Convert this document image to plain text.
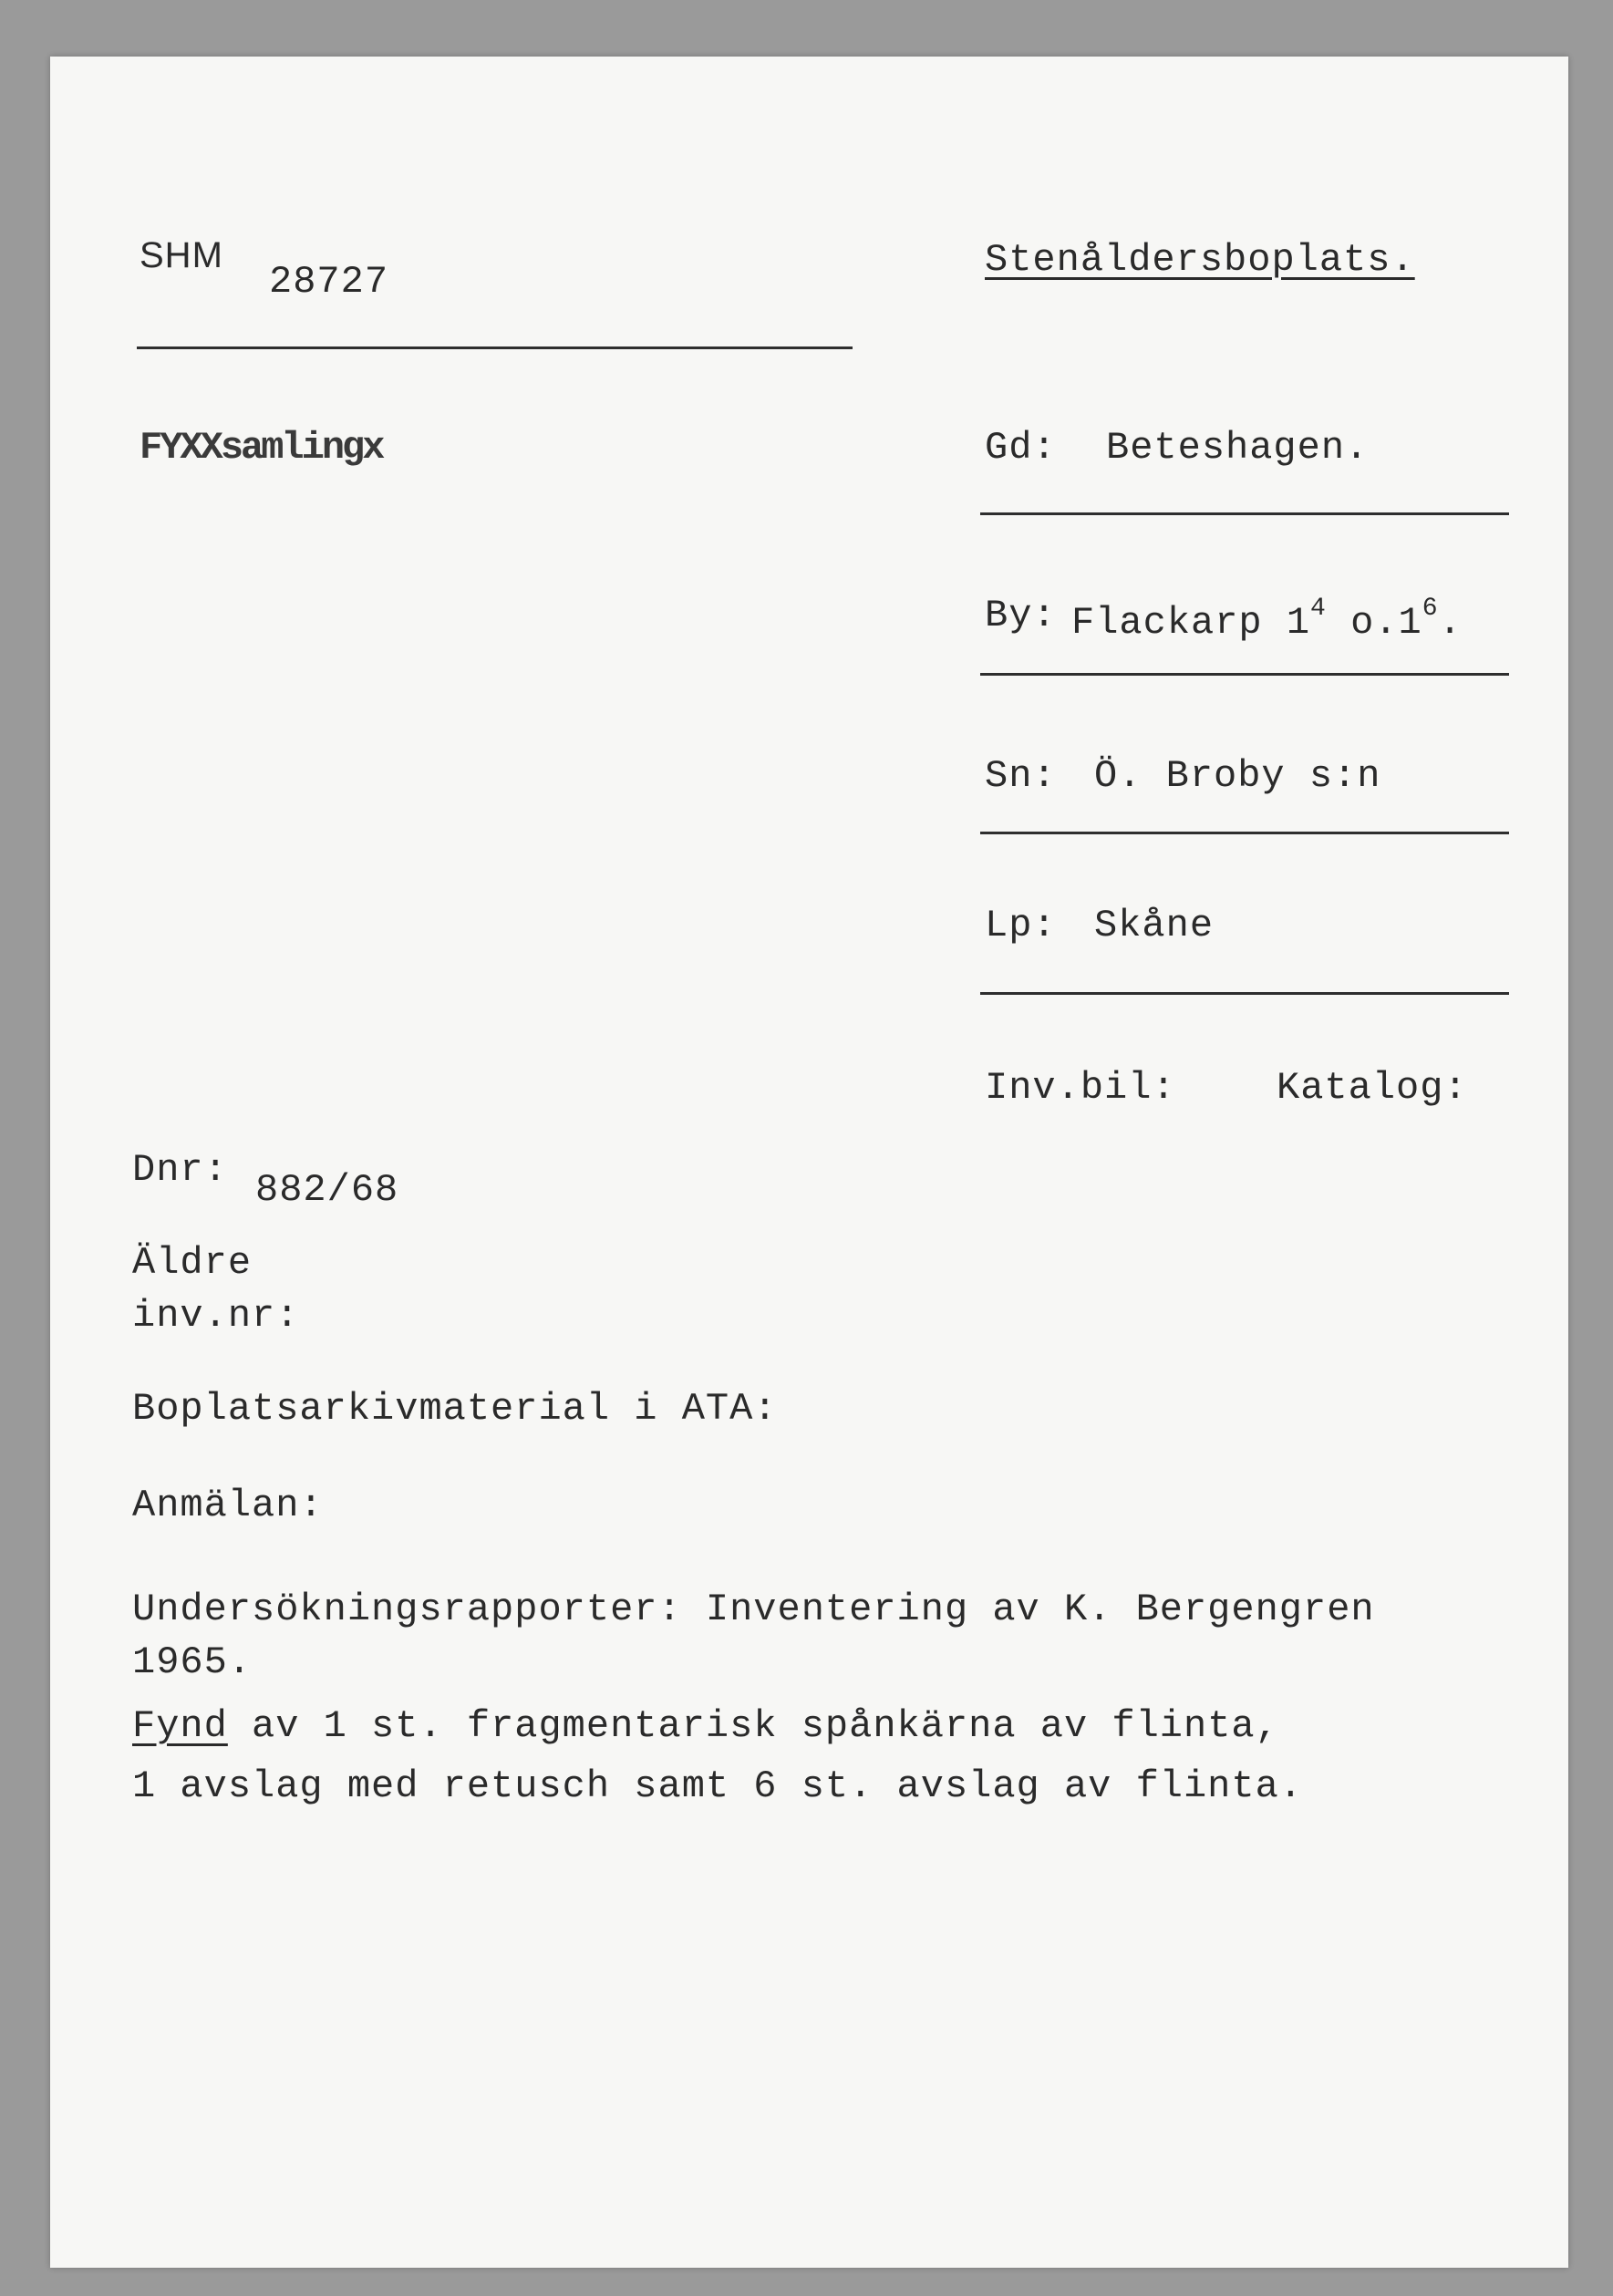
SHM
28727	Stenåldersboplats.
FYXXsamlingx	Gd: Beteshagen.
By: Flackarp $1^4$ $o.1^6$.
Sn: Ö. Broby s:n
Lp: Skåne
Inv.bil:	Katalog:
Dnr: 882/68
Äldre
inv.nr:
Boplatsarkivmaterial i ATA:
Anmälan:
Undersökningsrapporter: Inventering av K. Bergengren
1965.
Fynd av 1 st. fragmentarisk spånkärna av flinta,
1 avslag med retusch samt 6 st. avslag av flinta.
